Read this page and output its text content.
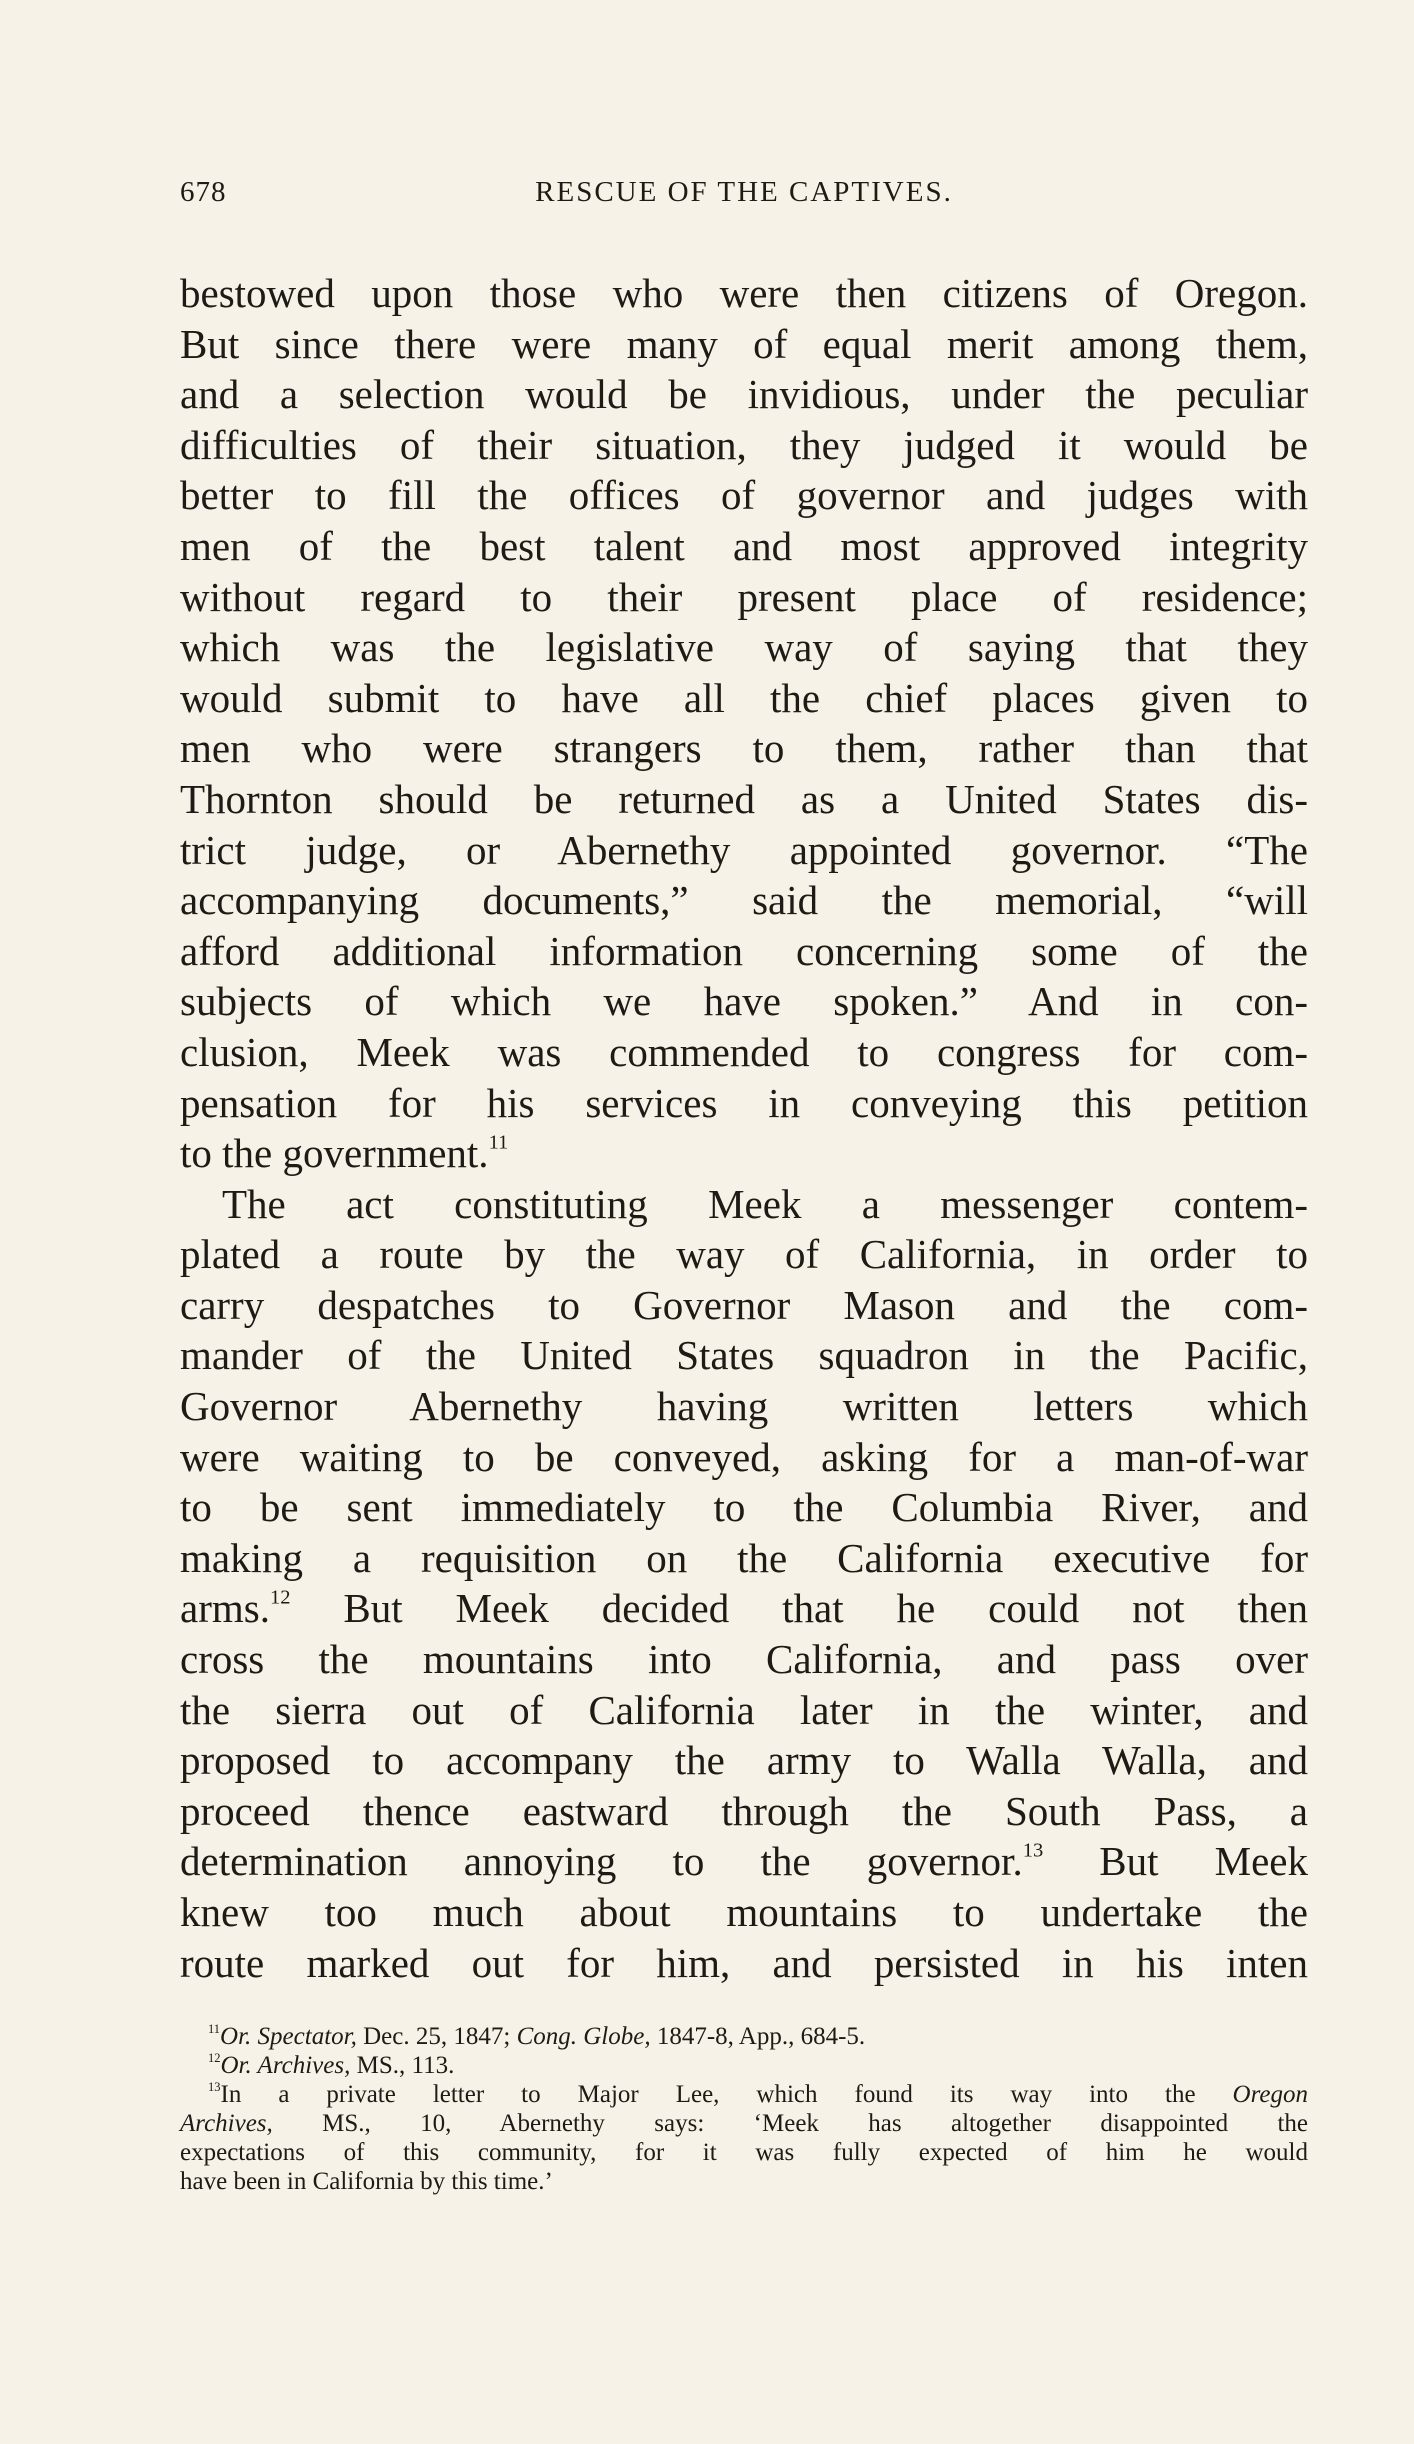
678	RESCUE OF THE CAPTIVES.
bestowed upon those who were then citizens of Oregon.
But since there were many of equal merit among them,
and a selection would be invidious, under the peculiar
difficulties of their situation, they judged it would be
better to fill the offices of governor and judges with
men of the best talent and most approved integrity
without regard to their present place of residence;
which was the legislative way of saying that they
would submit to have all the chief places given to
men who were strangers to them, rather than that
Thornton should be returned as a United States dis-
trict judge, or Abernethy appointed governor. “The
accompanying documents,” said the memorial, “will
afford additional information concerning some of the
subjects of which we have spoken.” And in con-
clusion, Meek was commended to congress for com-
pensation for his services in conveying this petition
to the government.$^{11}$
The act constituting Meek a messenger contem-
plated a route by the way of California, in order to
carry despatches to Governor Mason and the com-
mander of the United States squadron in the Pacific,
Governor Abernethy having written letters which
were waiting to be conveyed, asking for a man-of-war
to be sent immediately to the Columbia River, and
making a requisition on the California executive for
arms.$^{12}$ But Meek decided that he could not then
cross the mountains into California, and pass over
the sierra out of California later in the winter, and
proposed to accompany the army to Walla Walla, and
proceed thence eastward through the South Pass, a
determination annoying to the governor.$^{13}$ But Meek
knew too much about mountains to undertake the
route marked out for him, and persisted in his inten
$^{11}$Or. Spectator, Dec. 25, 1847; Cong. Globe, 1847-8, App., 684-5.
$^{12}$Or. Archives, MS., 113.
$^{13}$In a private letter to Major Lee, which found its way into the Oregon
Archives, MS., 10, Abernethy says: ‘Meek has altogether disappointed the
expectations of this community, for it was fully expected of him he would
have been in California by this time.’
